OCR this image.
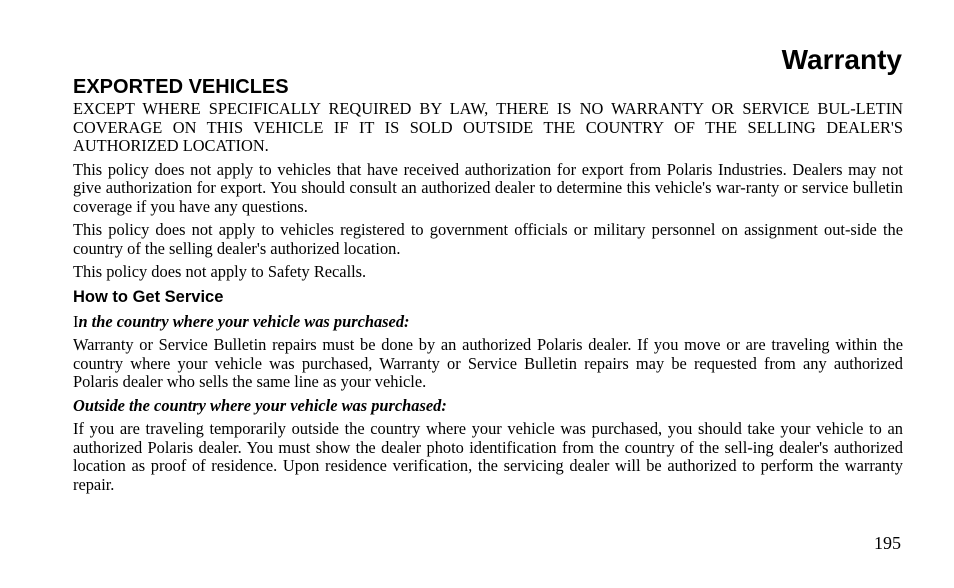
Warranty
EXPORTED VEHICLES

EXCEPT WHERE SPECIFICALLY REQUIRED BY LAW, THERE IS NO WARRANTY OR SERVICE BUL-LETIN COVERAGE ON THIS VEHICLE IF IT IS SOLD OUTSIDE THE COUNTRY OF THE SELLING DEALER'S AUTHORIZED LOCATION.

This policy does not apply to vehicles that have received authorization for export from Polaris Industries. Dealers may not give authorization for export. You should consult an authorized dealer to determine this vehicle's war-ranty or service bulletin coverage if you have any questions.

This policy does not apply to vehicles registered to government officials or military personnel on assignment out-side the country of the selling dealer's authorized location.

This policy does not apply to Safety Recalls.

How to Get Service

In the country where your vehicle was purchased:

Warranty or Service Bulletin repairs must be done by an authorized Polaris dealer. If you move or are traveling within the country where your vehicle was purchased, Warranty or Service Bulletin repairs may be requested from any authorized Polaris dealer who sells the same line as your vehicle.

Outside the country where your vehicle was purchased:

If you are traveling temporarily outside the country where your vehicle was purchased, you should take your vehicle to an authorized Polaris dealer. You must show the dealer photo identification from the country of the sell-ing dealer's authorized location as proof of residence. Upon residence verification, the servicing dealer will be authorized to perform the warranty repair.

195
